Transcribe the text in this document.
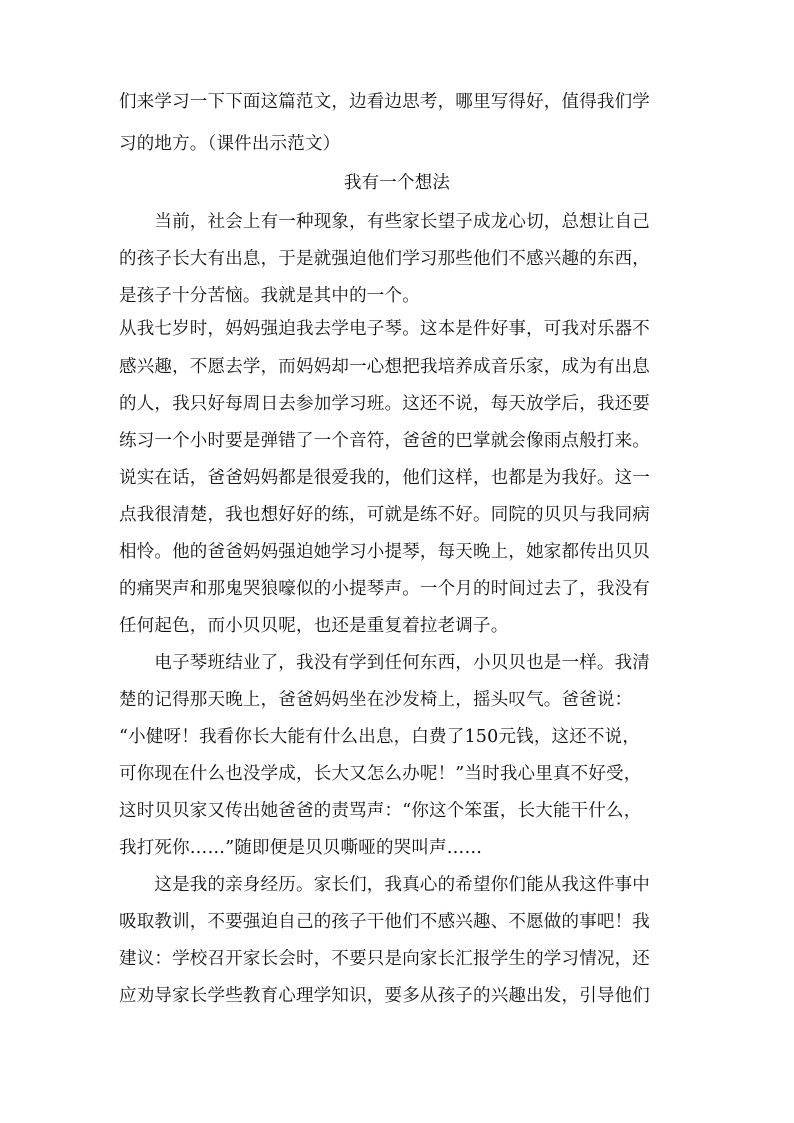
们来学习一下下面这篇范文，边看边思考，哪里写得好，值得我们学
习的地方。（课件出示范文）
我有一个想法
　　当前，社会上有一种现象，有些家长望子成龙心切，总想让自己
的孩子长大有出息，于是就强迫他们学习那些他们不感兴趣的东西，
是孩子十分苦恼。我就是其中的一个。
从我七岁时，妈妈强迫我去学电子琴。这本是件好事，可我对乐器不
感兴趣，不愿去学，而妈妈却一心想把我培养成音乐家，成为有出息
的人，我只好每周日去参加学习班。这还不说，每天放学后，我还要
练习一个小时要是弹错了一个音符，爸爸的巴掌就会像雨点般打来。
说实在话，爸爸妈妈都是很爱我的，他们这样，也都是为我好。这一
点我很清楚，我也想好好的练，可就是练不好。同院的贝贝与我同病
相怜。他的爸爸妈妈强迫她学习小提琴，每天晚上，她家都传出贝贝
的痛哭声和那鬼哭狼嚎似的小提琴声。一个月的时间过去了，我没有
任何起色，而小贝贝呢，也还是重复着拉老调子。
　　电子琴班结业了，我没有学到任何东西，小贝贝也是一样。我清
楚的记得那天晚上，爸爸妈妈坐在沙发椅上，摇头叹气。爸爸说：
“小健呀！我看你长大能有什么出息，白费了150元钱，这还不说，
可你现在什么也没学成，长大又怎么办呢！”当时我心里真不好受，
这时贝贝家又传出她爸爸的责骂声：“你这个笨蛋，长大能干什么，
我打死你……”随即便是贝贝嘶哑的哭叫声……
　　这是我的亲身经历。家长们，我真心的希望你们能从我这件事中
吸取教训，不要强迫自己的孩子干他们不感兴趣、不愿做的事吧！我
建议：学校召开家长会时，不要只是向家长汇报学生的学习情况，还
应劝导家长学些教育心理学知识，要多从孩子的兴趣出发，引导他们
